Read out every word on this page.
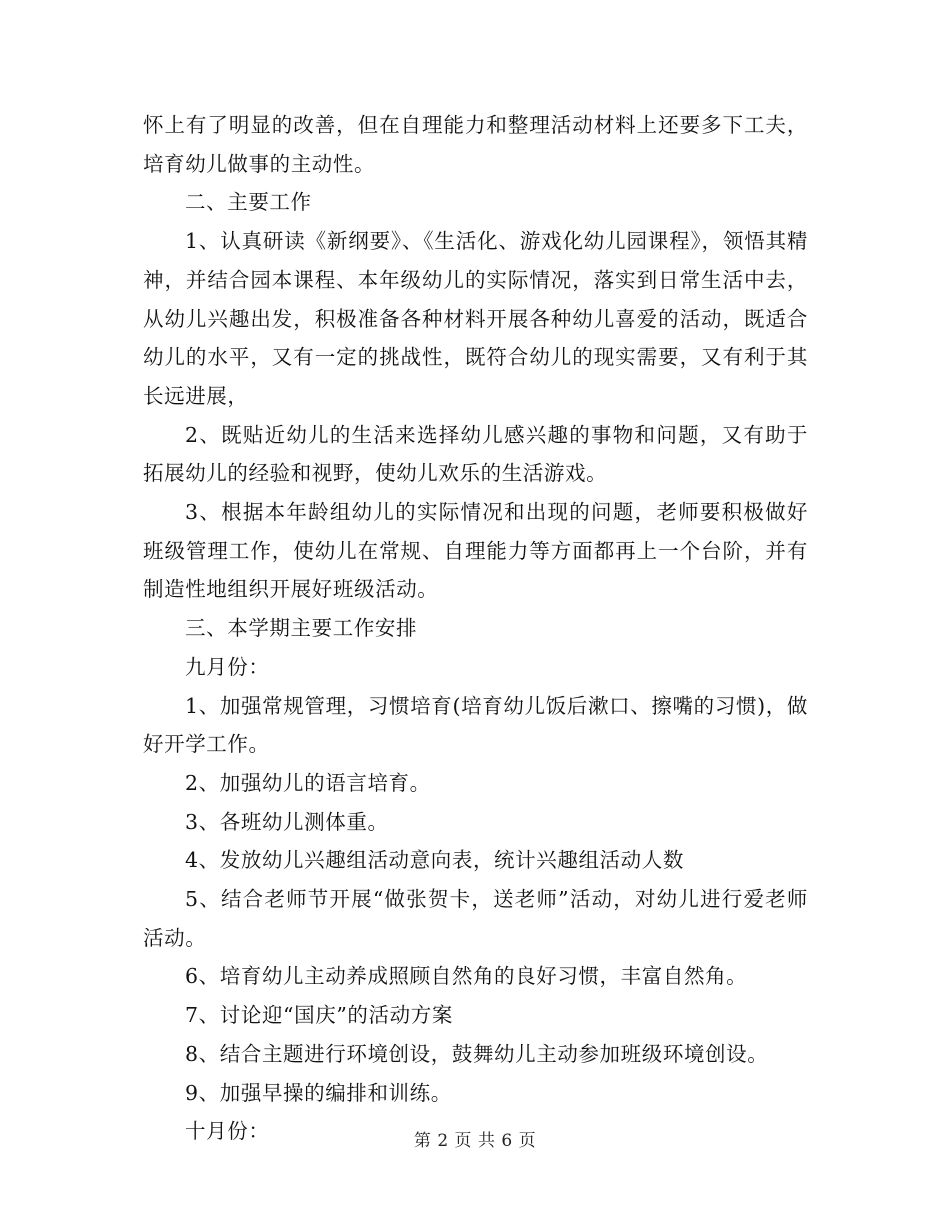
怀上有了明显的改善，但在自理能力和整理活动材料上还要多下工夫，培育幼儿做事的主动性。

二、主要工作

1、认真研读《新纲要》、《生活化、游戏化幼儿园课程》，领悟其精神，并结合园本课程、本年级幼儿的实际情况，落实到日常生活中去，从幼儿兴趣出发，积极准备各种材料开展各种幼儿喜爱的活动，既适合幼儿的水平，又有一定的挑战性，既符合幼儿的现实需要，又有利于其长远进展，

2、既贴近幼儿的生活来选择幼儿感兴趣的事物和问题，又有助于拓展幼儿的经验和视野，使幼儿欢乐的生活游戏。

3、根据本年龄组幼儿的实际情况和出现的问题，老师要积极做好班级管理工作，使幼儿在常规、自理能力等方面都再上一个台阶，并有制造性地组织开展好班级活动。

三、本学期主要工作安排

九月份：

1、加强常规管理，习惯培育(培育幼儿饭后漱口、擦嘴的习惯)，做好开学工作。

2、加强幼儿的语言培育。

3、各班幼儿测体重。

4、发放幼儿兴趣组活动意向表，统计兴趣组活动人数

5、结合老师节开展“做张贺卡，送老师”活动，对幼儿进行爱老师活动。

6、培育幼儿主动养成照顾自然角的良好习惯，丰富自然角。

7、讨论迎“国庆”的活动方案

8、结合主题进行环境创设，鼓舞幼儿主动参加班级环境创设。

9、加强早操的编排和训练。

十月份：	第 2 页 共 6 页
